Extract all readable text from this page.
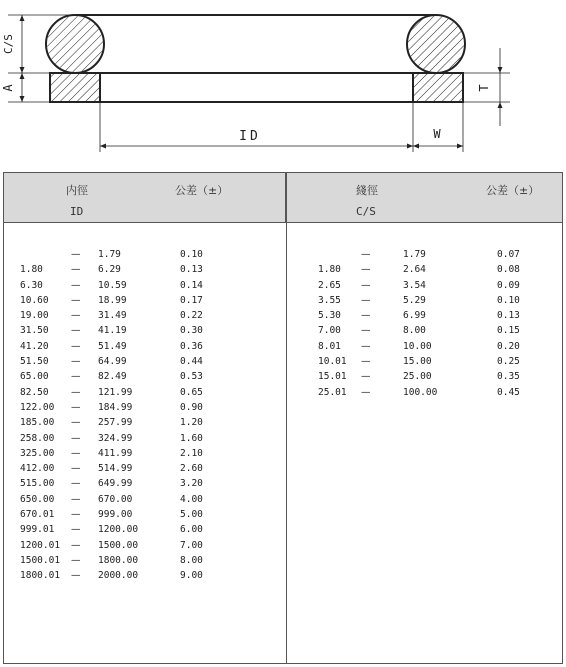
C/S
A	T
ID	W
内徑	公差（±）
ID
綫徑	公差（±）
C/S
— 1.79	0.10
1.80	— 6.29	0.13
6.30	— 10.59	0.14
10.60 — 18.99	0.17
19.00 — 31.49	0.22
31.50 — 41.19	0.30
41.20 — 51.49	0.36
51.50 — 64.99	0.44
65.00 — 82.49	0.53
82.50 — 121.99	0.65
122.00 — 184.99	0.90
185.00 — 257.99	1.20
258.00 — 324.99	1.60
325.00 — 411.99	2.10
412.00 — 514.99	2.60
515.00 — 649.99	3.20
650.00 — 670.00	4.00
670.01 — 999.00	5.00
999.01 — 1200.00	6.00
1200.01 — 1500.00	7.00
1500.01 — 1800.00	8.00
1800.01 — 2000.00	9.00
—	1.79	0.07
1.80 —	2.64	0.08
2.65 —	3.54	0.09
3.55 —	5.29	0.10
5.30 —	6.99	0.13
7.00 —	8.00	0.15
8.01 —	10.00	0.20
10.01 —	15.00	0.25
15.01 —	25.00	0.35
25.01 —	100.00	0.45
